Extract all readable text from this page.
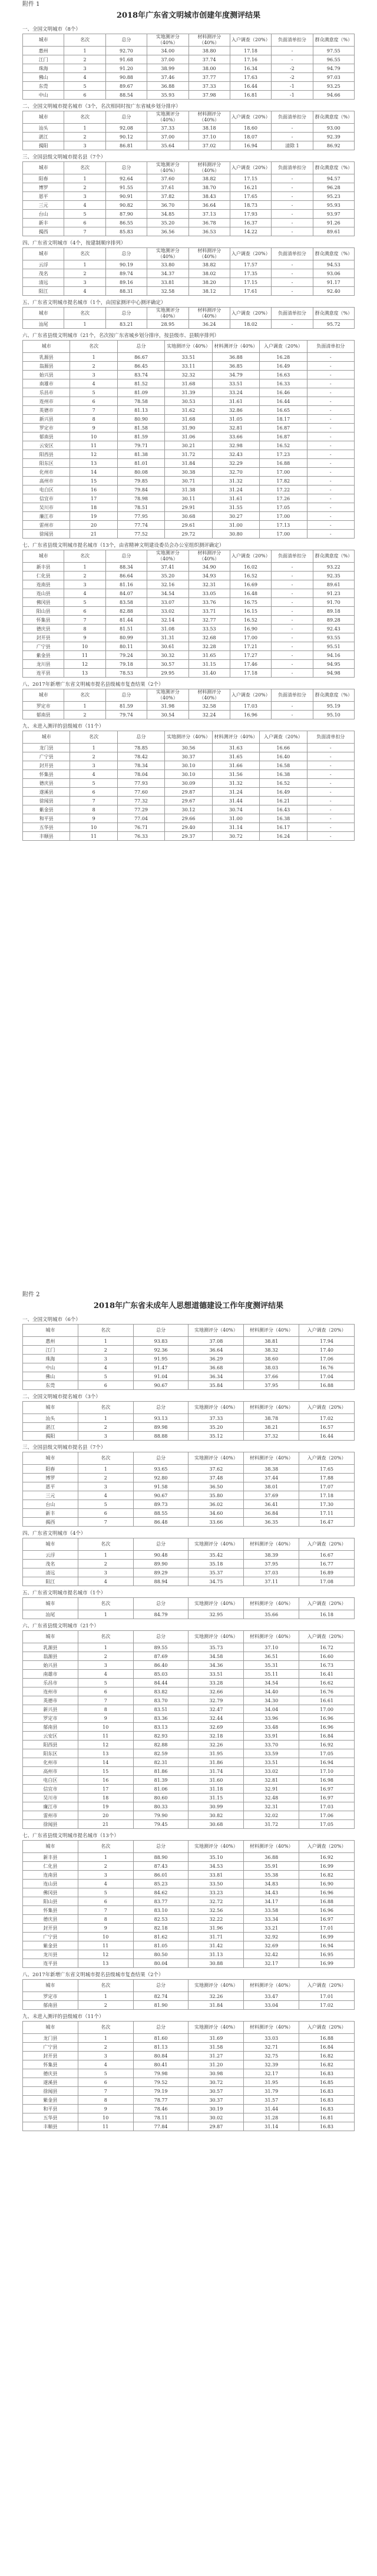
附件 1
2018年广东省文明城市创建年度测评结果
一、全国文明城市（8个）
城市	名次	总分	实地测评分（40%）	材料测评分（40%）	入户调查（20%）	负面清单扣分	群众满意度（%）
惠州	1	92.70	34.00	38.80	17.18	-	97.55
江门	2	91.68	37.00	37.74	17.16	-	96.55
珠海	3	91.20	38.99	38.00	16.34	-2	94.79
佛山	4	90.88	37.46	37.77	17.63	-2	97.03
东莞	5	89.67	36.88	37.33	16.44	-1	93.25
中山	6	88.54	35.93	37.98	16.81	-1	94.66
二、全国文明城市提名城市（3个，名次相同时按广东省城乡划分排序）
城市	名次	总分	实地测评分（40%）	材料测评分（40%）	入户调查（20%）	负面清单扣分	群众满意度（%）
汕头	1	92.08	37.33	38.18	18.60	-	93.00
湛江	2	90.12	37.00	37.10	18.07	-	92.39
揭阳	3	86.81	35.64	37.02	16.94	清除 1	86.92
三、全国县级文明城市提名县（7个）
城市	名次	总分	实地测评分（40%）	材料测评分（40%）	入户调查（20%）	负面清单扣分	群众满意度（%）
阳春	1	92.64	37.60	38.82	17.15	-	94.57
博罗	2	91.55	37.61	38.70	16.21	-	96.28
恩平	3	90.91	37.82	38.43	17.65	-	95.23
三元	4	90.82	36.70	36.64	18.73	-	95.93
台山	5	87.90	34.85	37.13	17.93	-	93.97
新丰	6	86.55	35.20	36.78	16.37	-	91.26
揭西	7	85.83	36.56	36.53	14.22	-	89.61
四、广东省文明城市（4个，按建制顺序排列）
城市	名次	总分	实地测评分（40%）	材料测评分（40%）	入户调查（20%）	负面清单扣分	群众满意度（%）
云浮	1	90.19	33.80	38.82	17.57	-	94.53
茂名	2	89.74	34.37	38.02	17.35	-	93.06
清远	3	89.16	33.81	38.20	17.15	-	91.17
阳江	4	88.31	32.58	38.12	17.61	-	92.40
五、广东省文明城市提名城市（1个，由国家测评中心测评确定）
城市	名次	总分	实地测评分（40%）	材料测评分（40%）	入户调查（20%）	负面清单扣分	群众满意度（%）
汕尾	1	83.21	28.95	36.24	18.02	-	95.72
六、广东省县级文明城市（21个，名次按广东省城乡划分排序，按县级市、县顺序排列）
城市	名次	总分	实地测评分（40%）	材料测评分（40%）	入户调查（20%）	负面清单扣分
乳源县	1	86.67	33.51	36.88	16.28	-
翁源县	2	86.45	33.11	36.85	16.49	-
始兴县	3	83.74	32.32	34.79	16.63	-
南雄市	4	81.52	31.68	33.51	16.33	-
乐昌市	5	81.09	31.39	33.24	16.46	-
连州市	6	78.58	30.53	31.61	16.44	-
英德市	7	81.13	31.62	32.86	16.65	-
新兴县	8	80.90	31.68	31.05	18.17	-
罗定市	9	81.58	31.90	32.81	16.87	-
郁南县	10	81.59	31.06	33.66	16.87	-
云安区	11	79.71	30.21	32.98	16.52	-
阳西县	12	81.38	31.72	32.43	17.23	-
阳东区	13	81.01	31.84	32.29	16.88	-
化州市	14	80.08	30.38	32.70	17.00	-
高州市	15	79.85	30.71	31.32	17.82	-
电白区	16	79.84	31.38	31.24	17.22	-
信宜市	17	78.98	30.11	31.61	17.26	-
吴川市	18	78.51	29.91	31.55	17.05	-
廉江市	19	77.95	30.68	30.27	17.00	-
雷州市	20	77.74	29.61	31.00	17.13	-
徐闻县	21	77.52	29.72	30.80	17.00	-
七、广东省县级文明城市提名城市（13个，由省精神文明建设委员会办公室组织测评确定）
城市	名次	总分	实地测评分（40%）	材料测评分（40%）	入户调查（20%）	负面清单扣分	群众满意度（%）
新丰县	1	88.34	37.41	34.90	16.02	-	93.22
仁化县	2	86.64	35.20	34.93	16.52	-	92.35
连南县	3	81.16	32.16	32.31	16.69	-	89.61
连山县	4	84.07	34.54	33.05	16.48	-	91.23
佛冈县	5	83.58	33.07	33.76	16.75	-	91.70
阳山县	6	82.88	33.02	33.71	16.15	-	89.18
怀集县	7	81.44	32.14	32.77	16.52	-	89.28
德庆县	8	81.51	31.08	33.53	16.90	-	92.43
封开县	9	80.99	31.31	32.68	17.00	-	93.55
广宁县	10	80.11	30.61	32.28	17.21	-	95.51
紫金县	11	79.24	30.32	31.65	17.27	-	94.16
龙川县	12	79.18	30.57	31.15	17.46	-	94.95
连平县	13	78.53	29.95	31.40	17.18	-	94.98
八、2017年新增广东省文明城市提名县级城市复查结果（2个）
城市	名次	总分	实地测评分（40%）	材料测评分（40%）	入户调查（20%）	负面清单扣分	群众满意度（%）
罗定市	1	81.59	31.98	32.58	17.03	-	95.19
郁南县	2	79.74	30.54	32.24	16.96	-	95.10
九、未进入测评的县级城市（11个）
城市	名次	总分	实地测评分（40%）	材料测评分（40%）	入户调查（20%）	负面清单扣分
龙门县	1	78.85	30.56	31.63	16.66	-
广宁县	2	78.42	30.37	31.65	16.40	-
封开县	3	78.34	30.10	31.66	16.58	-
怀集县	4	78.04	30.10	31.56	16.38	-
德庆县	5	77.93	30.09	31.32	16.52	-
遂溪县	6	77.60	29.87	31.24	16.49	-
徐闻县	7	77.32	29.67	31.44	16.21	-
紫金县	8	77.29	30.12	30.74	16.43	-
和平县	9	77.04	29.66	31.00	16.38	-
五华县	10	76.71	29.40	31.14	16.17	-
丰顺县	11	76.33	29.37	30.72	16.24	-
附件 2
2018年广东省未成年人思想道德建设工作年度测评结果
一、全国文明城市（6个）
城市	名次	总分	实地测评分（40%）	材料测评分（40%）	入户调查（20%）
惠州	1	93.83	37.08	38.81	17.94
江门	2	92.36	36.64	38.32	17.40
珠海	3	91.95	36.29	38.60	17.06
中山	4	91.47	36.68	38.03	16.76
佛山	5	91.04	36.34	37.66	17.04
东莞	6	90.67	35.84	37.95	16.88
二、全国文明城市提名城市（3个）
城市	名次	总分	实地测评分（40%）	材料测评分（40%）	入户调查（20%）
汕头	1	93.13	37.33	38.78	17.02
湛江	2	89.98	35.20	38.21	16.57
揭阳	3	88.88	35.12	37.32	16.44
三、全国县级文明城市提名县（7个）
城市	名次	总分	实地测评分（40%）	材料测评分（40%）	入户调查（20%）
阳春	1	93.65	37.62	38.38	17.65
博罗	2	92.80	37.48	37.44	17.88
恩平	3	91.58	36.50	38.01	17.07
三元	4	90.67	35.80	37.69	17.18
台山	5	89.73	36.02	36.41	17.30
新丰	6	88.55	34.60	36.84	17.11
揭西	7	86.48	33.66	36.35	16.47
四、广东省文明城市（4个）
城市	名次	总分	实地测评分（40%）	材料测评分（40%）	入户调查（20%）
云浮	1	90.48	35.42	38.39	16.67
茂名	2	89.90	35.18	37.95	16.77
清远	3	89.29	35.37	37.03	16.89
阳江	4	88.94	34.75	37.11	17.08
五、广东省文明城市提名城市（1个）
城市	名次	总分	实地测评分（40%）	材料测评分（40%）	入户调查（20%）
汕尾	1	84.79	32.95	35.66	16.18
六、广东省县级文明城市（21个）
城市	名次	总分	实地测评分（40%）	材料测评分（40%）	入户调查（20%）
乳源县	1	89.55	35.73	37.10	16.72
翁源县	2	87.69	34.58	36.51	16.60
始兴县	3	86.40	34.36	35.31	16.73
南雄市	4	85.03	33.51	35.11	16.41
乐昌市	5	84.44	33.28	34.54	16.62
连州市	6	83.82	32.66	34.40	16.76
英德市	7	83.70	32.79	34.30	16.61
新兴县	8	83.51	32.47	34.04	17.00
罗定市	9	83.36	32.44	33.96	16.96
郁南县	10	83.13	32.69	33.48	16.96
云安区	11	82.93	32.18	33.91	16.84
阳西县	12	82.88	32.26	33.70	16.92
阳东区	13	82.59	31.95	33.59	17.05
化州市	14	82.31	31.86	33.51	16.94
高州市	15	81.86	31.74	33.02	17.10
电白区	16	81.39	31.60	32.81	16.98
信宜市	17	81.06	31.18	32.91	16.97
吴川市	18	80.60	31.15	32.48	16.97
廉江市	19	80.33	30.99	32.31	17.03
雷州市	20	79.90	30.82	32.02	17.06
徐闻县	21	79.45	30.68	31.72	17.05
七、广东省县级文明城市提名城市（13个）
城市	名次	总分	实地测评分（40%）	材料测评分（40%）	入户调查（20%）
新丰县	1	88.90	35.10	36.88	16.92
仁化县	2	87.43	34.53	35.91	16.99
连南县	3	86.01	33.81	35.38	16.82
连山县	4	85.23	33.50	34.83	16.90
佛冈县	5	84.62	33.23	34.43	16.96
阳山县	6	83.77	32.72	34.17	16.88
怀集县	7	83.10	32.56	33.58	16.96
德庆县	8	82.53	32.22	33.34	16.97
封开县	9	82.18	31.96	33.21	17.01
广宁县	10	81.62	31.71	32.92	16.99
紫金县	11	81.05	31.42	32.69	16.94
龙川县	12	80.50	31.13	32.42	16.95
连平县	13	80.04	30.88	32.17	16.99
八、2017年新增广东省文明城市提名县级城市复查结果（2个）
城市	名次	总分	实地测评分（40%）	材料测评分（40%）	入户调查（20%）
罗定市	1	82.74	32.26	33.47	17.01
郁南县	2	81.90	31.84	33.04	17.02
九、未进入测评的县级城市（11个）
城市	名次	总分	实地测评分（40%）	材料测评分（40%）	入户调查（20%）
龙门县	1	81.60	31.69	33.03	16.88
广宁县	2	81.13	31.58	32.71	16.84
封开县	3	80.84	31.27	32.75	16.82
怀集县	4	80.41	31.20	32.39	16.82
德庆县	5	79.98	30.98	32.17	16.83
遂溪县	6	79.52	30.72	31.95	16.85
徐闻县	7	79.19	30.57	31.79	16.83
紫金县	8	78.77	30.37	31.57	16.83
和平县	9	78.46	30.19	31.44	16.83
五华县	10	78.11	30.02	31.28	16.81
丰顺县	11	77.84	29.87	31.14	16.83
